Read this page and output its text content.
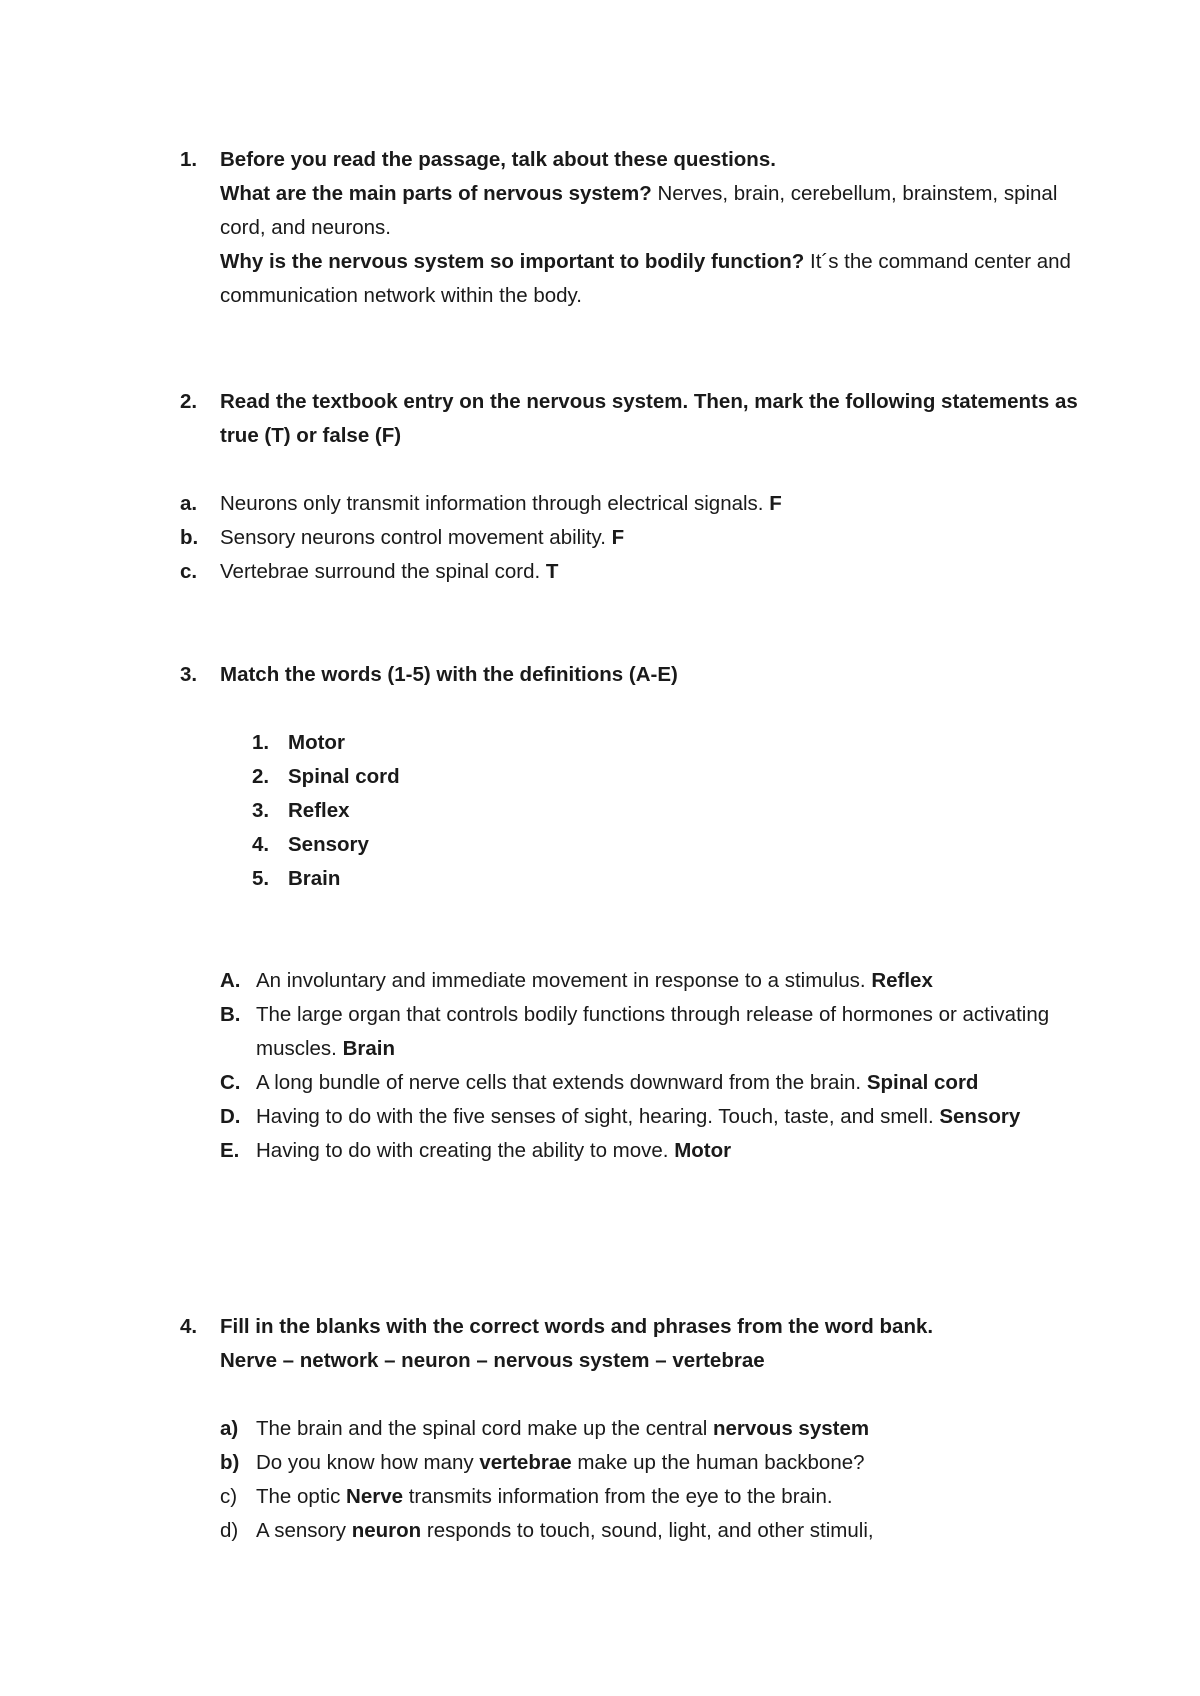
1. Before you read the passage, talk about these questions.
What are the main parts of nervous system? Nerves, brain, cerebellum, brainstem, spinal cord, and neurons.
Why is the nervous system so important to bodily function? It´s the command center and communication network within the body.
2. Read the textbook entry on the nervous system. Then, mark the following statements as true (T) or false (F)
a. Neurons only transmit information through electrical signals. F
b. Sensory neurons control movement ability. F
c. Vertebrae surround the spinal cord. T
3. Match the words (1-5) with the definitions (A-E)
1. Motor
2. Spinal cord
3. Reflex
4. Sensory
5. Brain
A. An involuntary and immediate movement in response to a stimulus. Reflex
B. The large organ that controls bodily functions through release of hormones or activating muscles. Brain
C. A long bundle of nerve cells that extends downward from the brain. Spinal cord
D. Having to do with the five senses of sight, hearing. Touch, taste, and smell. Sensory
E. Having to do with creating the ability to move. Motor
4. Fill in the blanks with the correct words and phrases from the word bank.
Nerve – network – neuron – nervous system – vertebrae
a) The brain and the spinal cord make up the central nervous system
b) Do you know how many vertebrae make up the human backbone?
c) The optic Nerve transmits information from the eye to the brain.
d) A sensory neuron responds to touch, sound, light, and other stimuli,
